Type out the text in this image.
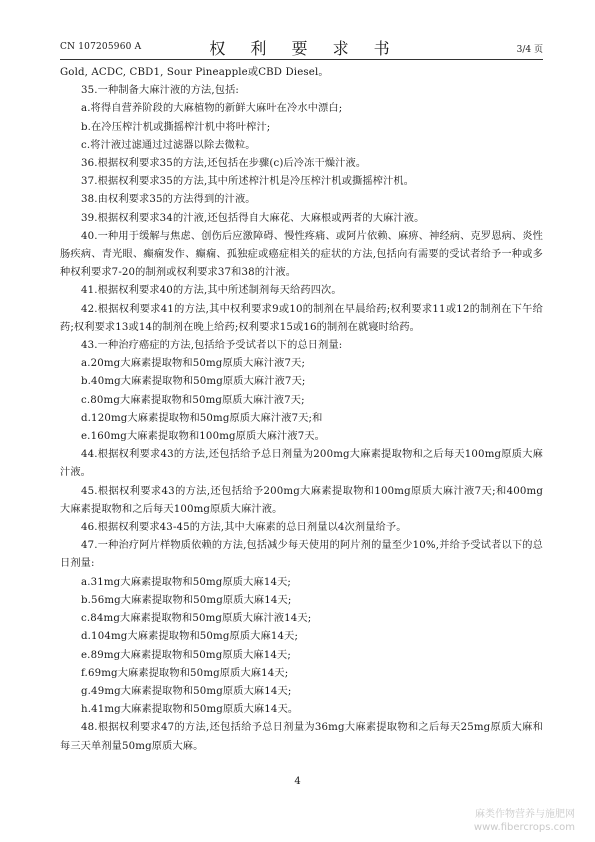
CN 107205960 A	权 利 要 求 书	3/4 页

Gold, ACDC, CBD1, Sour Pineapple或CBD Diesel。

35.一种制备大麻汁液的方法,包括:

a.将得自营养阶段的大麻植物的新鲜大麻叶在冷水中漂白;

b.在冷压榨汁机或撕摇榨汁机中将叶榨汁;

c.将汁液过滤通过过滤器以除去微粒。

36.根据权利要求35的方法,还包括在步骤(c)后冷冻干燥汁液。

37.根据权利要求35的方法,其中所述榨汁机是冷压榨汁机或撕摇榨汁机。

38.由权利要求35的方法得到的汁液。

39.根据权利要求34的汁液,还包括得自大麻花、大麻根或两者的大麻汁液。

40.一种用于缓解与焦虑、创伤后应激障碍、慢性疼痛、或阿片依赖、麻痹、神经病、克罗恩病、炎性肠疾病、青光眼、癫痫发作、癫痫、孤独症或癌症相关的症状的方法,包括向有需要的受试者给予一种或多种权利要求7-20的制剂或权利要求37和38的汁液。

41.根据权利要求40的方法,其中所述制剂每天给药四次。

42.根据权利要求41的方法,其中权利要求9或10的制剂在早晨给药;权利要求11或12的制剂在下午给药;权利要求13或14的制剂在晚上给药;权利要求15或16的制剂在就寝时给药。

43.一种治疗癌症的方法,包括给予受试者以下的总日剂量:

a.20mg大麻素提取物和50mg原质大麻汁液7天;

b.40mg大麻素提取物和50mg原质大麻汁液7天;

c.80mg大麻素提取物和50mg原质大麻汁液7天;

d.120mg大麻素提取物和50mg原质大麻汁液7天;和

e.160mg大麻素提取物和100mg原质大麻汁液7天。

44.根据权利要求43的方法,还包括给予总日剂量为200mg大麻素提取物和之后每天100mg原质大麻汁液。

45.根据权利要求43的方法,还包括给予200mg大麻素提取物和100mg原质大麻汁液7天;和400mg大麻素提取物和之后每天100mg原质大麻汁液。

46.根据权利要求43-45的方法,其中大麻素的总日剂量以4次剂量给予。

47.一种治疗阿片样物质依赖的方法,包括减少每天使用的阿片剂的量至少10%,并给予受试者以下的总日剂量:

a.31mg大麻素提取物和50mg原质大麻14天;

b.56mg大麻素提取物和50mg原质大麻14天;

c.84mg大麻素提取物和50mg原质大麻汁液14天;

d.104mg大麻素提取物和50mg原质大麻14天;

e.89mg大麻素提取物和50mg原质大麻14天;

f.69mg大麻素提取物和50mg原质大麻14天;

g.49mg大麻素提取物和50mg原质大麻14天;

h.41mg大麻素提取物和50mg原质大麻14天。

48.根据权利要求47的方法,还包括给予总日剂量为36mg大麻素提取物和之后每天25mg原质大麻和每三天单剂量50mg原质大麻。

4
麻类作物营养与施肥网
www.fibercrops.com
